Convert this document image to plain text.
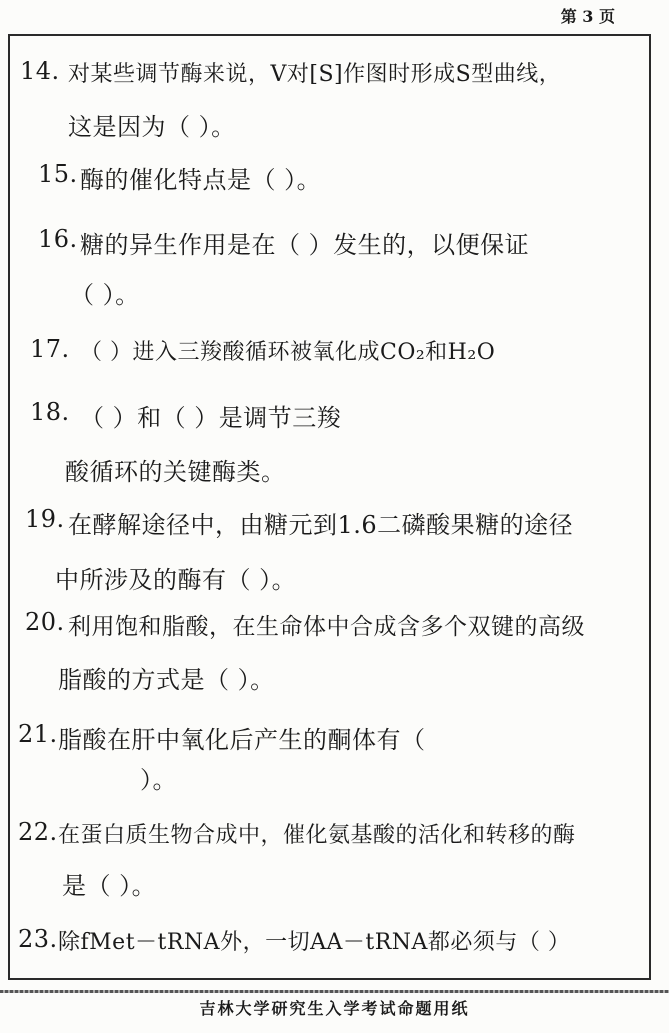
第 3 页
14. 对某些调节酶来说，V对[S]作图时形成S型曲线，
这是因为（ ）。
15. 酶的催化特点是（ ）。
16. 糖的异生作用是在（ ）发生的，以便保证
（ ）。
17. （ ）进入三羧酸循环被氧化成CO₂和H₂O
18. （ ）和（ ）是调节三羧
酸循环的关键酶类。
19. 在酵解途径中，由糖元到1.6二磷酸果糖的途径
中所涉及的酶有（ ）。
20. 利用饱和脂酸，在生命体中合成含多个双键的高级
脂酸的方式是（ ）。
21. 脂酸在肝中氧化后产生的酮体有（
）。
22. 在蛋白质生物合成中，催化氨基酸的活化和转移的酶
是（ ）。
23. 除fMet－tRNA外，一切AA－tRNA都必须与（ ）
吉林大学研究生入学考试命题用纸
